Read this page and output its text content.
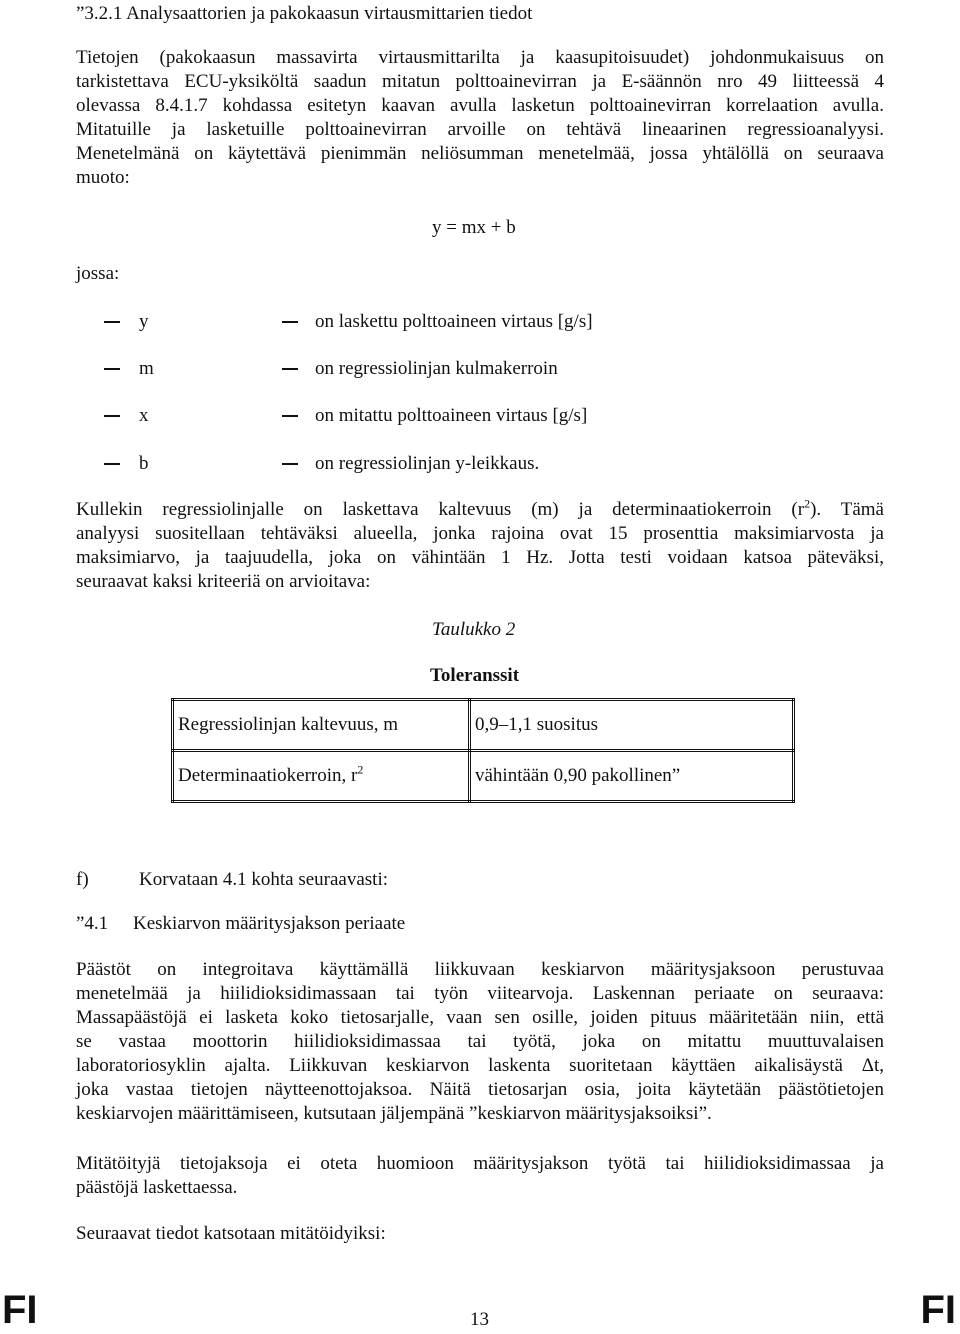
”3.2.1 Analysaattorien ja pakokaasun virtausmittarien tiedot
Tietojen (pakokaasun massavirta virtausmittarilta ja kaasupitoisuudet) johdonmukaisuus on
tarkistettava ECU-yksiköltä saadun mitatun polttoainevirran ja E-säännön nro 49 liitteessä 4
olevassa 8.4.1.7 kohdassa esitetyn kaavan avulla lasketun polttoainevirran korrelaation avulla.
Mitatuille ja lasketuille polttoainevirran arvoille on tehtävä lineaarinen regressioanalyysi.
Menetelmänä on käytettävä pienimmän neliösumman menetelmää, jossa yhtälöllä on seuraava
muoto:
y = mx + b
jossa:
y	on laskettu polttoaineen virtaus [g/s]
m	on regressiolinjan kulmakerroin
x	on mitattu polttoaineen virtaus [g/s]
b	on regressiolinjan y-leikkaus.
Kullekin regressiolinjalle on laskettava kaltevuus (m) ja determinaatiokerroin $(r^2)$. Tämä
analyysi suositellaan tehtäväksi alueella, jonka rajoina ovat 15 prosenttia maksimiarvosta ja
maksimiarvo, ja taajuudella, joka on vähintään 1 Hz. Jotta testi voidaan katsoa päteväksi,
seuraavat kaksi kriteeriä on arvioitava:
Taulukko 2
Toleranssit
Regressiolinjan kaltevuus, m	0,9–1,1 suositus
Determinaatiokerroin, $r^2$	vähintään 0,90 pakollinen”
f)	Korvataan 4.1 kohta seuraavasti:
”4.1 Keskiarvon määritysjakson periaate
Päästöt on integroitava käyttämällä liikkuvaan keskiarvon määritysjaksoon perustuvaa
menetelmää ja hiilidioksidimassaan tai työn viitearvoja. Laskennan periaate on seuraava:
Massapäästöjä ei lasketa koko tietosarjalle, vaan sen osille, joiden pituus määritetään niin, että
se vastaa moottorin hiilidioksidimassaa tai työtä, joka on mitattu muuttuvalaisen
laboratoriosyklin ajalta. Liikkuvan keskiarvon laskenta suoritetaan käyttäen aikalisäystä Δt,
joka vastaa tietojen näytteenottojaksoa. Näitä tietosarjan osia, joita käytetään päästötietojen
keskiarvojen määrittämiseen, kutsutaan jäljempänä ”keskiarvon määritysjaksoiksi”.
Mitätöityjä tietojaksoja ei oteta huomioon määritysjakson työtä tai hiilidioksidimassaa ja
päästöjä laskettaessa.
Seuraavat tiedot katsotaan mitätöidyiksi:
FI	13	FI
